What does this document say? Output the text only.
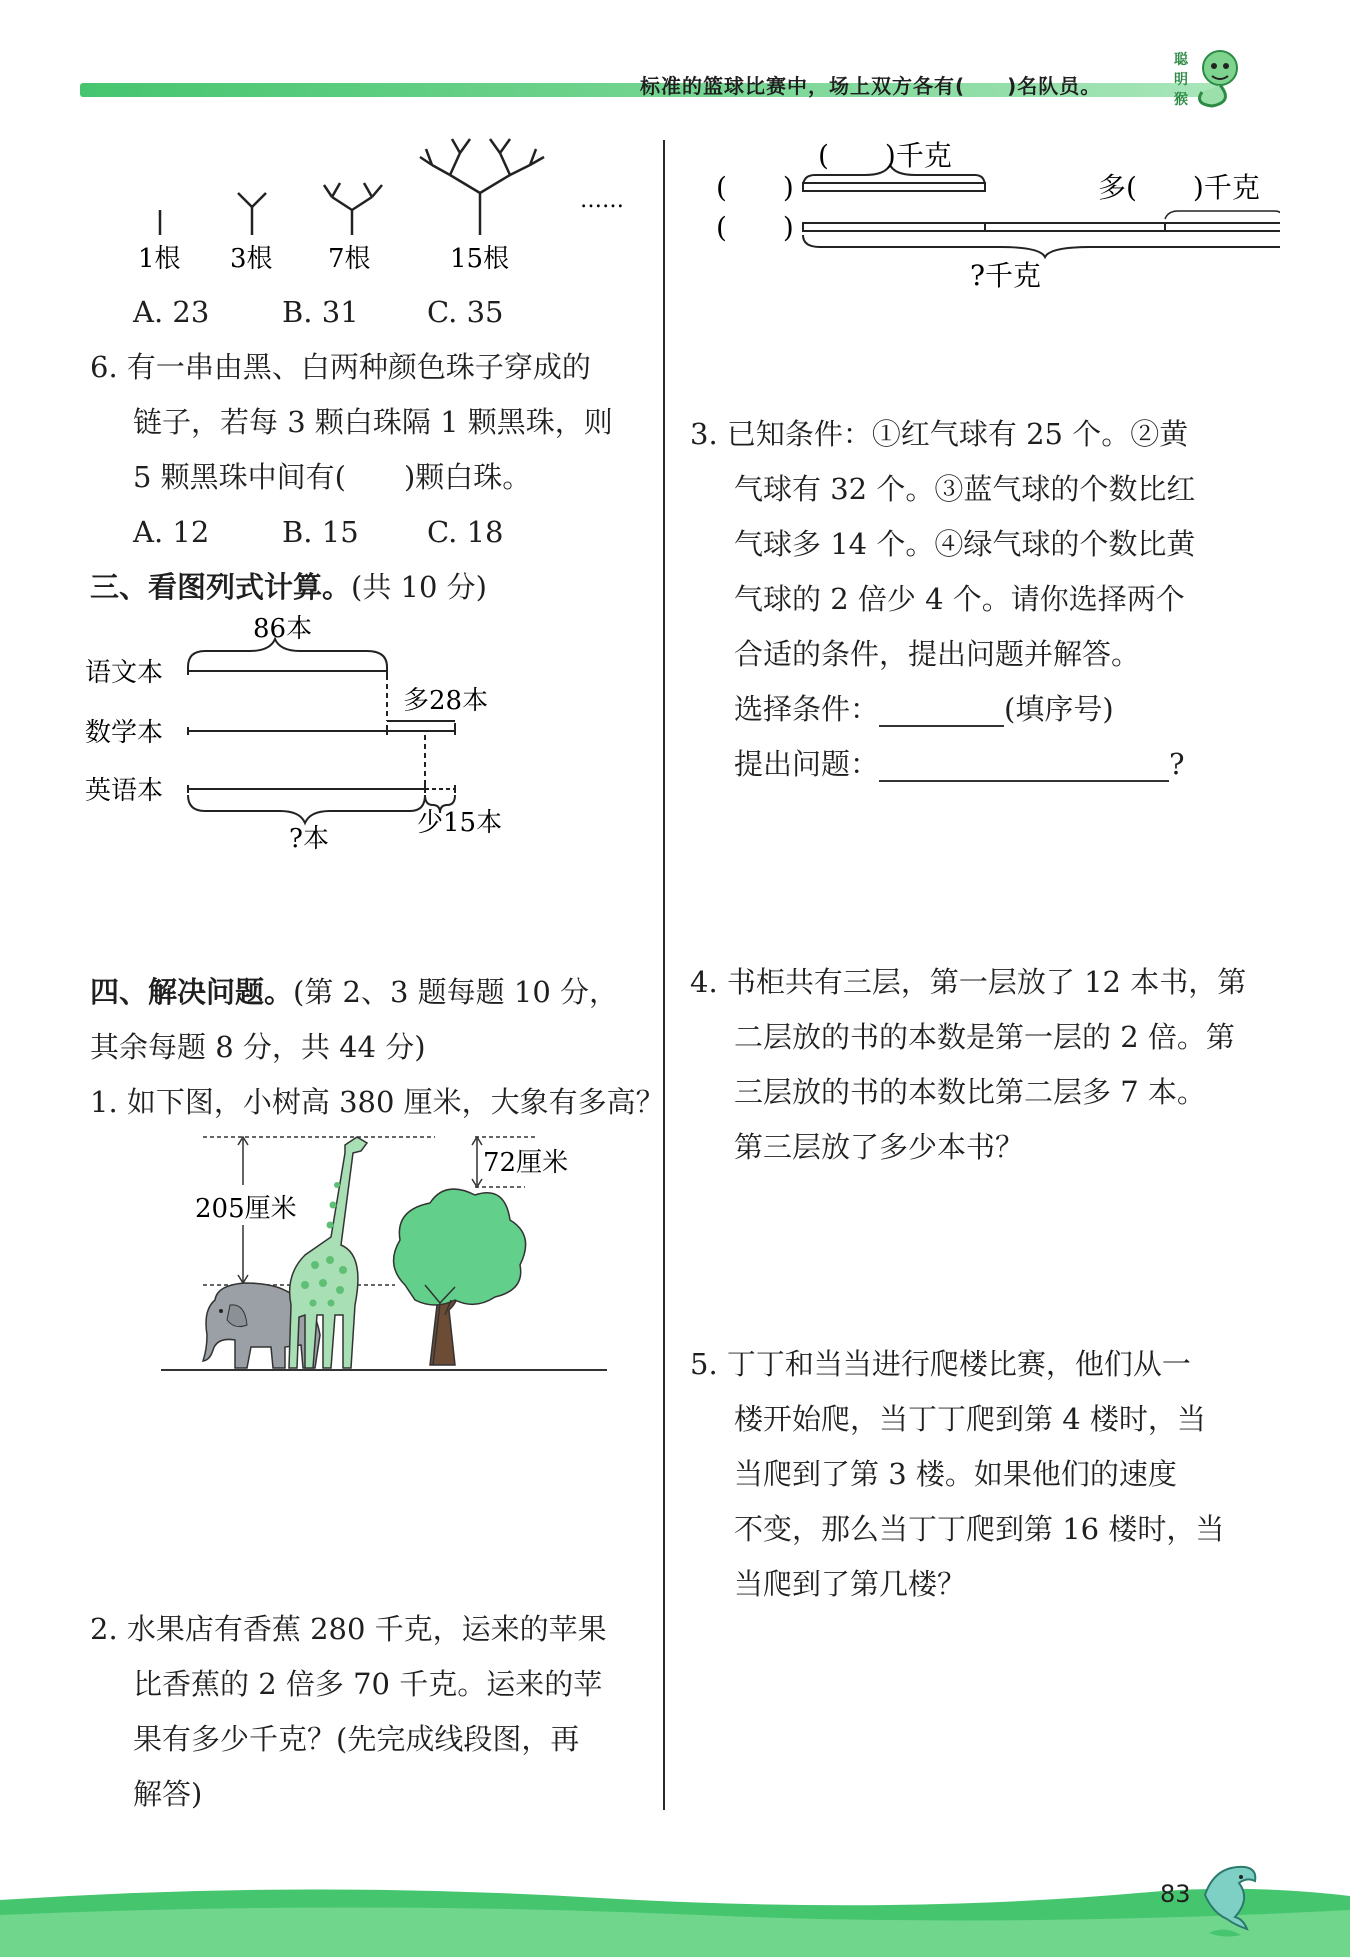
标准的篮球比赛中，场上双方各有(　　)名队员。
聪
明
猴
……
1根 3根 7根	15根
A. 23	B. 31 C. 35
6. 有一串由黑、白两种颜色珠子穿成的
链子，若每 3 颗白珠隔 1 颗黑珠，则
5 颗黑珠中间有(　　)颗白珠。
A. 12	B. 15 C. 18
三、看图列式计算。(共 10 分)
语文本
数学本
英语本
86本
多28本
少15本
?本
四、解决问题。(第 2、3 题每题 10 分，
其余每题 8 分，共 44 分)
1. 如下图，小树高 380 厘米，大象有多高？
205厘米
72厘米
2. 水果店有香蕉 280 千克，运来的苹果
比香蕉的 2 倍多 70 千克。运来的苹
果有多少千克？(先完成线段图，再
解答)
(　　)千克
(　　)
(　　)
多(　　)千克
?千克
3. 已知条件：①红气球有 25 个。②黄
气球有 32 个。③蓝气球的个数比红
气球多 14 个。④绿气球的个数比黄
气球的 2 倍少 4 个。请你选择两个
合适的条件，提出问题并解答。
选择条件：	(填序号)
提出问题：	?
4. 书柜共有三层，第一层放了 12 本书，第
二层放的书的本数是第一层的 2 倍。第
三层放的书的本数比第二层多 7 本。
第三层放了多少本书？
5. 丁丁和当当进行爬楼比赛，他们从一
楼开始爬，当丁丁爬到第 4 楼时，当
当爬到了第 3 楼。如果他们的速度
不变，那么当丁丁爬到第 16 楼时，当
当爬到了第几楼？
83
